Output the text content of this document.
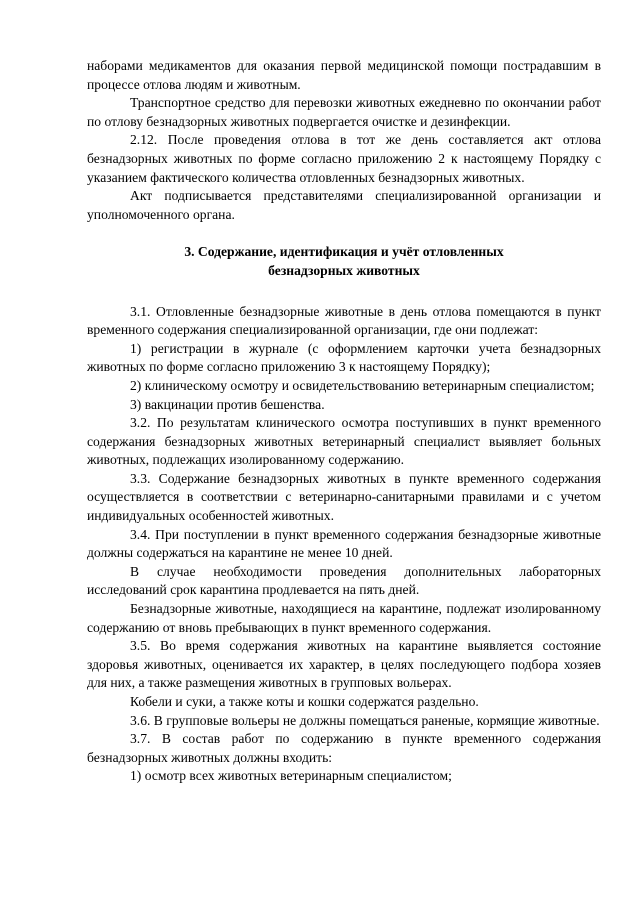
наборами медикаментов для оказания первой медицинской помощи пострадавшим в процессе отлова людям и животным.

Транспортное средство для перевозки животных ежедневно по окончании работ по отлову безнадзорных животных подвергается очистке и дезинфекции.

2.12. После проведения отлова в тот же день составляется акт отлова безнадзорных животных по форме согласно приложению 2 к настоящему Порядку с указанием фактического количества отловленных безнадзорных животных.

Акт подписывается представителями специализированной организации и уполномоченного органа.

3. Содержание, идентификация и учёт отловленных
безнадзорных животных

3.1. Отловленные безнадзорные животные в день отлова помещаются в пункт временного содержания специализированной организации, где они подлежат:

1) регистрации в журнале (с оформлением карточки учета безнадзорных животных по форме согласно приложению 3 к настоящему Порядку);

2) клиническому осмотру и освидетельствованию ветеринарным специалистом;

3) вакцинации против бешенства.

3.2. По результатам клинического осмотра поступивших в пункт временного содержания безнадзорных животных ветеринарный специалист выявляет больных животных, подлежащих изолированному содержанию.

3.3. Содержание безнадзорных животных в пункте временного содержания осуществляется в соответствии с ветеринарно-санитарными правилами и с учетом индивидуальных особенностей животных.

3.4. При поступлении в пункт временного содержания безнадзорные животные должны содержаться на карантине не менее 10 дней.

В случае необходимости проведения дополнительных лабораторных исследований срок карантина продлевается на пять дней.

Безнадзорные животные, находящиеся на карантине, подлежат изолированному содержанию от вновь пребывающих в пункт временного содержания.

3.5. Во время содержания животных на карантине выявляется состояние здоровья животных, оценивается их характер, в целях последующего подбора хозяев для них, а также размещения животных в групповых вольерах.

Кобели и суки, а также коты и кошки содержатся раздельно.

3.6. В групповые вольеры не должны помещаться раненые, кормящие животные.

3.7. В состав работ по содержанию в пункте временного содержания безнадзорных животных должны входить:

1) осмотр всех животных ветеринарным специалистом;
